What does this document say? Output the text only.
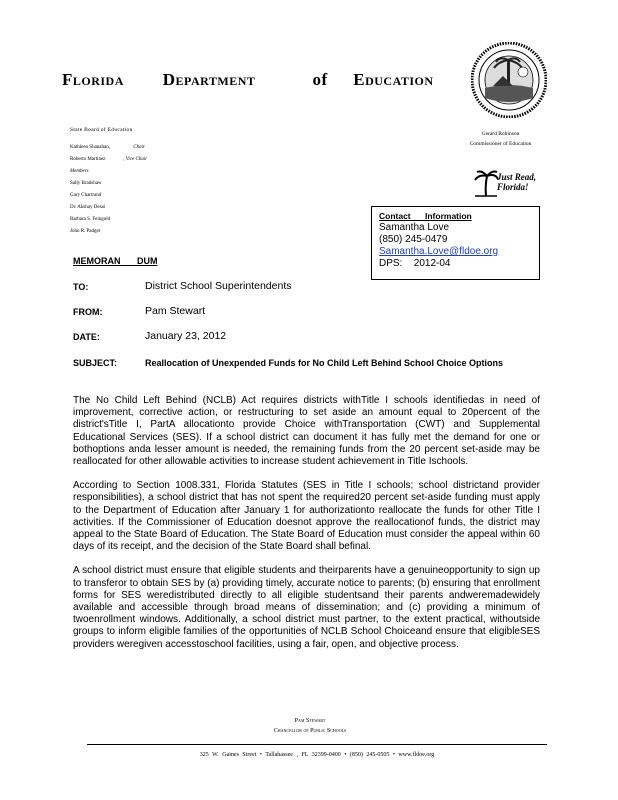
Florida Department	of Education
State Board of Education
Kathleen Shanahan,	Chair
Roberto Martinez	, Vice Chair
Members
Sally Bradshaw
Gary Chartrand
Dr. Akshay Desai
Barbara S. Feingold
John R. Padget
Gerard Robinson
Commissioner of Education
Just Read, Florida!
Contact Information
Samantha Love
(850) 245-0479
Samantha.Love@fldoe.org
DPS: 2012-04
MEMORAN DUM
TO:	District School Superintendents
FROM:	Pam Stewart
DATE:	January 23, 2012
SUBJECT:	Reallocation of Unexpended Funds for No Child Left Behind School Choice Options

The No Child Left Behind (NCLB) Act requires districts withTitle I schools identifiedas in need of improvement, corrective action, or restructuring to set aside an amount equal to 20percent of the district'sTitle I, PartA allocationto provide Choice withTransportation (CWT) and Supplemental Educational Services (SES). If a school district can document it has fully met the demand for one or bothoptions anda lesser amount is needed, the remaining funds from the 20 percent set-aside may be reallocated for other allowable activities to increase student achievement in Title Ischools.

According to Section 1008.331, Florida Statutes (SES in Title I schools; school districtand provider responsibilities), a school district that has not spent the required20 percent set-aside funding must apply to the Department of Education after January 1 for authorizationto reallocate the funds for other Title I activities. If the Commissioner of Education doesnot approve the reallocationof funds, the district may appeal to the State Board of Education. The State Board of Education must consider the appeal within 60 days of its receipt, and the decision of the State Board shall befinal.

A school district must ensure that eligible students and theirparents have a genuineopportunity to sign up to transferor to obtain SES by (a) providing timely, accurate notice to parents; (b) ensuring that enrollment forms for SES weredistributed directly to all eligible studentsand their parents andweremadewidely available and accessible through broad means of dissemination; and (c) providing a minimum of twoenrollment windows. Additionally, a school district must partner, to the extent practical, withoutside groups to inform eligible families of the opportunities of NCLB School Choiceand ensure that eligibleSES providers weregiven accesstoschool facilities, using a fair, open, and objective process.

Pam Stewart
Chancellor of Public Schools
325 W. Gaines Street • Tallahassee , FL 32399-0400 • (850) 245-0505 • www.fldoe.org
